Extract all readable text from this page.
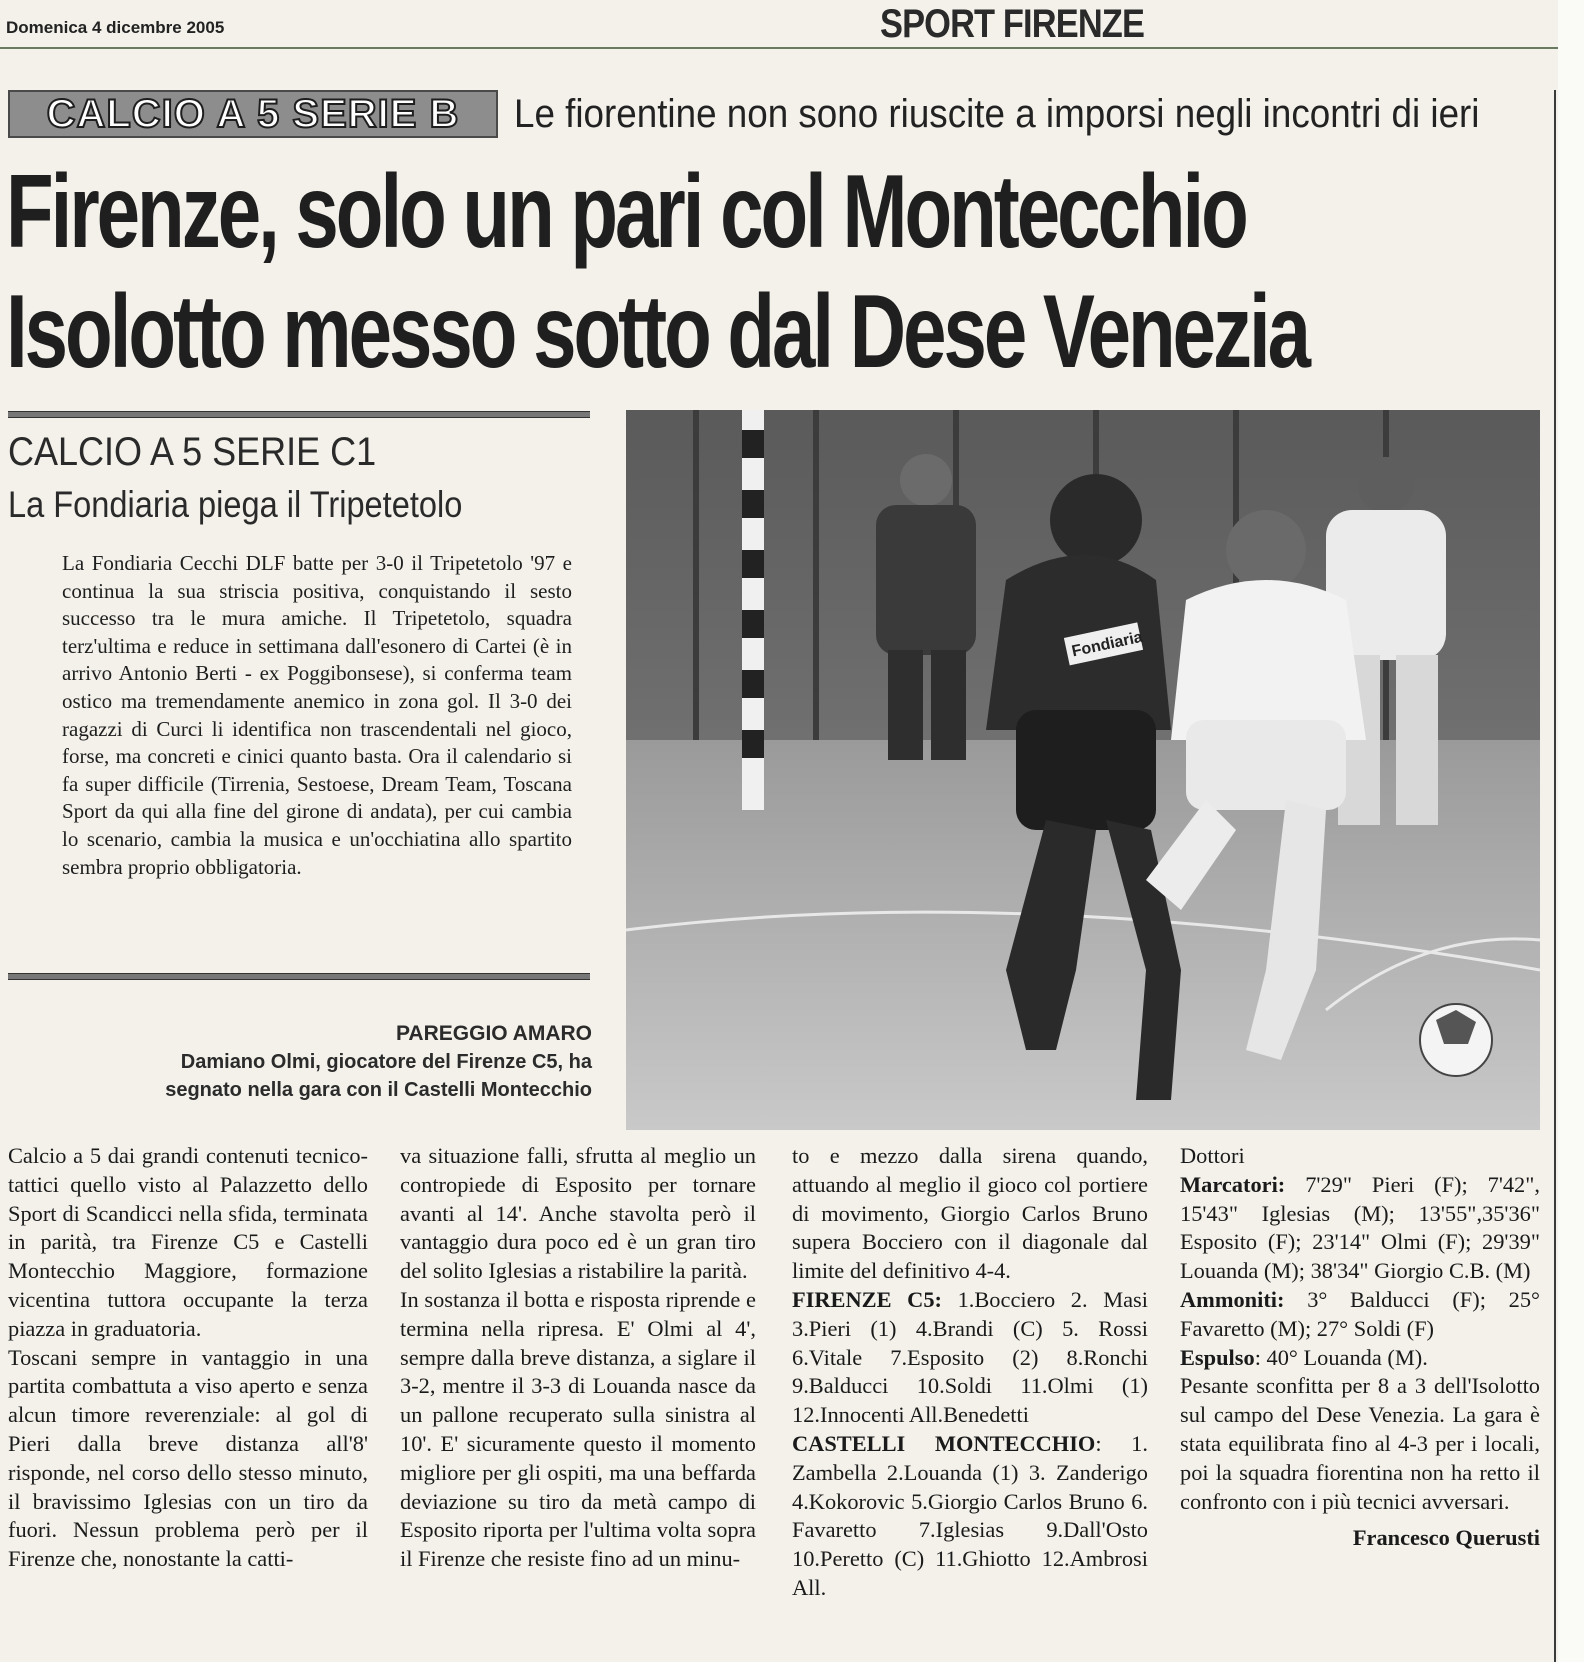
Domenica 4 dicembre 2005	SPORT FIRENZE
CALCIO A 5 SERIE B	Le fiorentine non sono riuscite a imporsi negli incontri di ieri
Firenze, solo un pari col Montecchio
Isolotto messo sotto dal Dese Venezia
CALCIO A 5 SERIE C1
La Fondiaria piega il Tripetetolo
La Fondiaria Cecchi DLF batte per 3-0 il Tripetetolo '97 e continua la sua striscia positiva, conquistando il sesto successo tra le mura amiche. Il Tripetetolo, squadra terz'ultima e reduce in settimana dall'esonero di Cartei (è in arrivo Antonio Berti - ex Poggibonsese), si conferma team ostico ma tremendamente anemico in zona gol. Il 3-0 dei ragazzi di Curci li identifica non trascendentali nel gioco, forse, ma concreti e cinici quanto basta. Ora il calendario si fa super difficile (Tirrenia, Sestoese, Dream Team, Toscana Sport da qui alla fine del girone di andata), per cui cambia lo scenario, cambia la musica e un'occhiatina allo spartito sembra proprio obbligatoria.
Fondiaria
PAREGGIO AMARO
Damiano Olmi, giocatore del Firenze C5, ha segnato nella gara con il Castelli Montecchio

Calcio a 5 dai grandi contenuti tecnico-tattici quello visto al Palazzetto dello Sport di Scandicci nella sfida, terminata in parità, tra Firenze C5 e Castelli Montecchio Maggiore, formazione vicentina tuttora occupante la terza piazza in graduatoria.

Toscani sempre in vantaggio in una partita combattuta a viso aperto e senza alcun timore reverenziale: al gol di Pieri dalla breve distanza all'8' risponde, nel corso dello stesso minuto, il bravissimo Iglesias con un tiro da fuori. Nessun problema però per il Firenze che, nonostante la catti-

va situazione falli, sfrutta al meglio un contropiede di Esposito per tornare avanti al 14'. Anche stavolta però il vantaggio dura poco ed è un gran tiro del solito Iglesias a ristabilire la parità.

In sostanza il botta e risposta riprende e termina nella ripresa. E' Olmi al 4', sempre dalla breve distanza, a siglare il 3-2, mentre il 3-3 di Louanda nasce da un pallone recuperato sulla sinistra al 10'. E' sicuramente questo il momento migliore per gli ospiti, ma una beffarda deviazione su tiro da metà campo di Esposito riporta per l'ultima volta sopra il Firenze che resiste fino ad un minu-

to e mezzo dalla sirena quando, attuando al meglio il gioco col portiere di movimento, Giorgio Carlos Bruno supera Bocciero con il diagonale dal limite del definitivo 4-4.

FIRENZE C5: 1.Bocciero 2. Masi 3.Pieri (1) 4.Brandi (C) 5. Rossi 6.Vitale 7.Esposito (2) 8.Ronchi 9.Balducci 10.Soldi 11.Olmi (1) 12.Innocenti All.Benedetti

CASTELLI MONTECCHIO: 1. Zambella 2.Louanda (1) 3. Zanderigo 4.Kokorovic 5.Giorgio Carlos Bruno 6. Favaretto 7.Iglesias 9.Dall'Osto 10.Peretto (C) 11.Ghiotto 12.Ambrosi All.

Dottori

Marcatori: 7'29" Pieri (F); 7'42", 15'43" Iglesias (M); 13'55",35'36" Esposito (F); 23'14" Olmi (F); 29'39" Louanda (M); 38'34" Giorgio C.B. (M)

Ammoniti: 3° Balducci (F); 25° Favaretto (M); 27° Soldi (F)

Espulso: 40° Louanda (M).

Pesante sconfitta per 8 a 3 dell'Isolotto sul campo del Dese Venezia. La gara è stata equilibrata fino al 4-3 per i locali, poi la squadra fiorentina non ha retto il confronto con i più tecnici avversari.

Francesco Querusti
